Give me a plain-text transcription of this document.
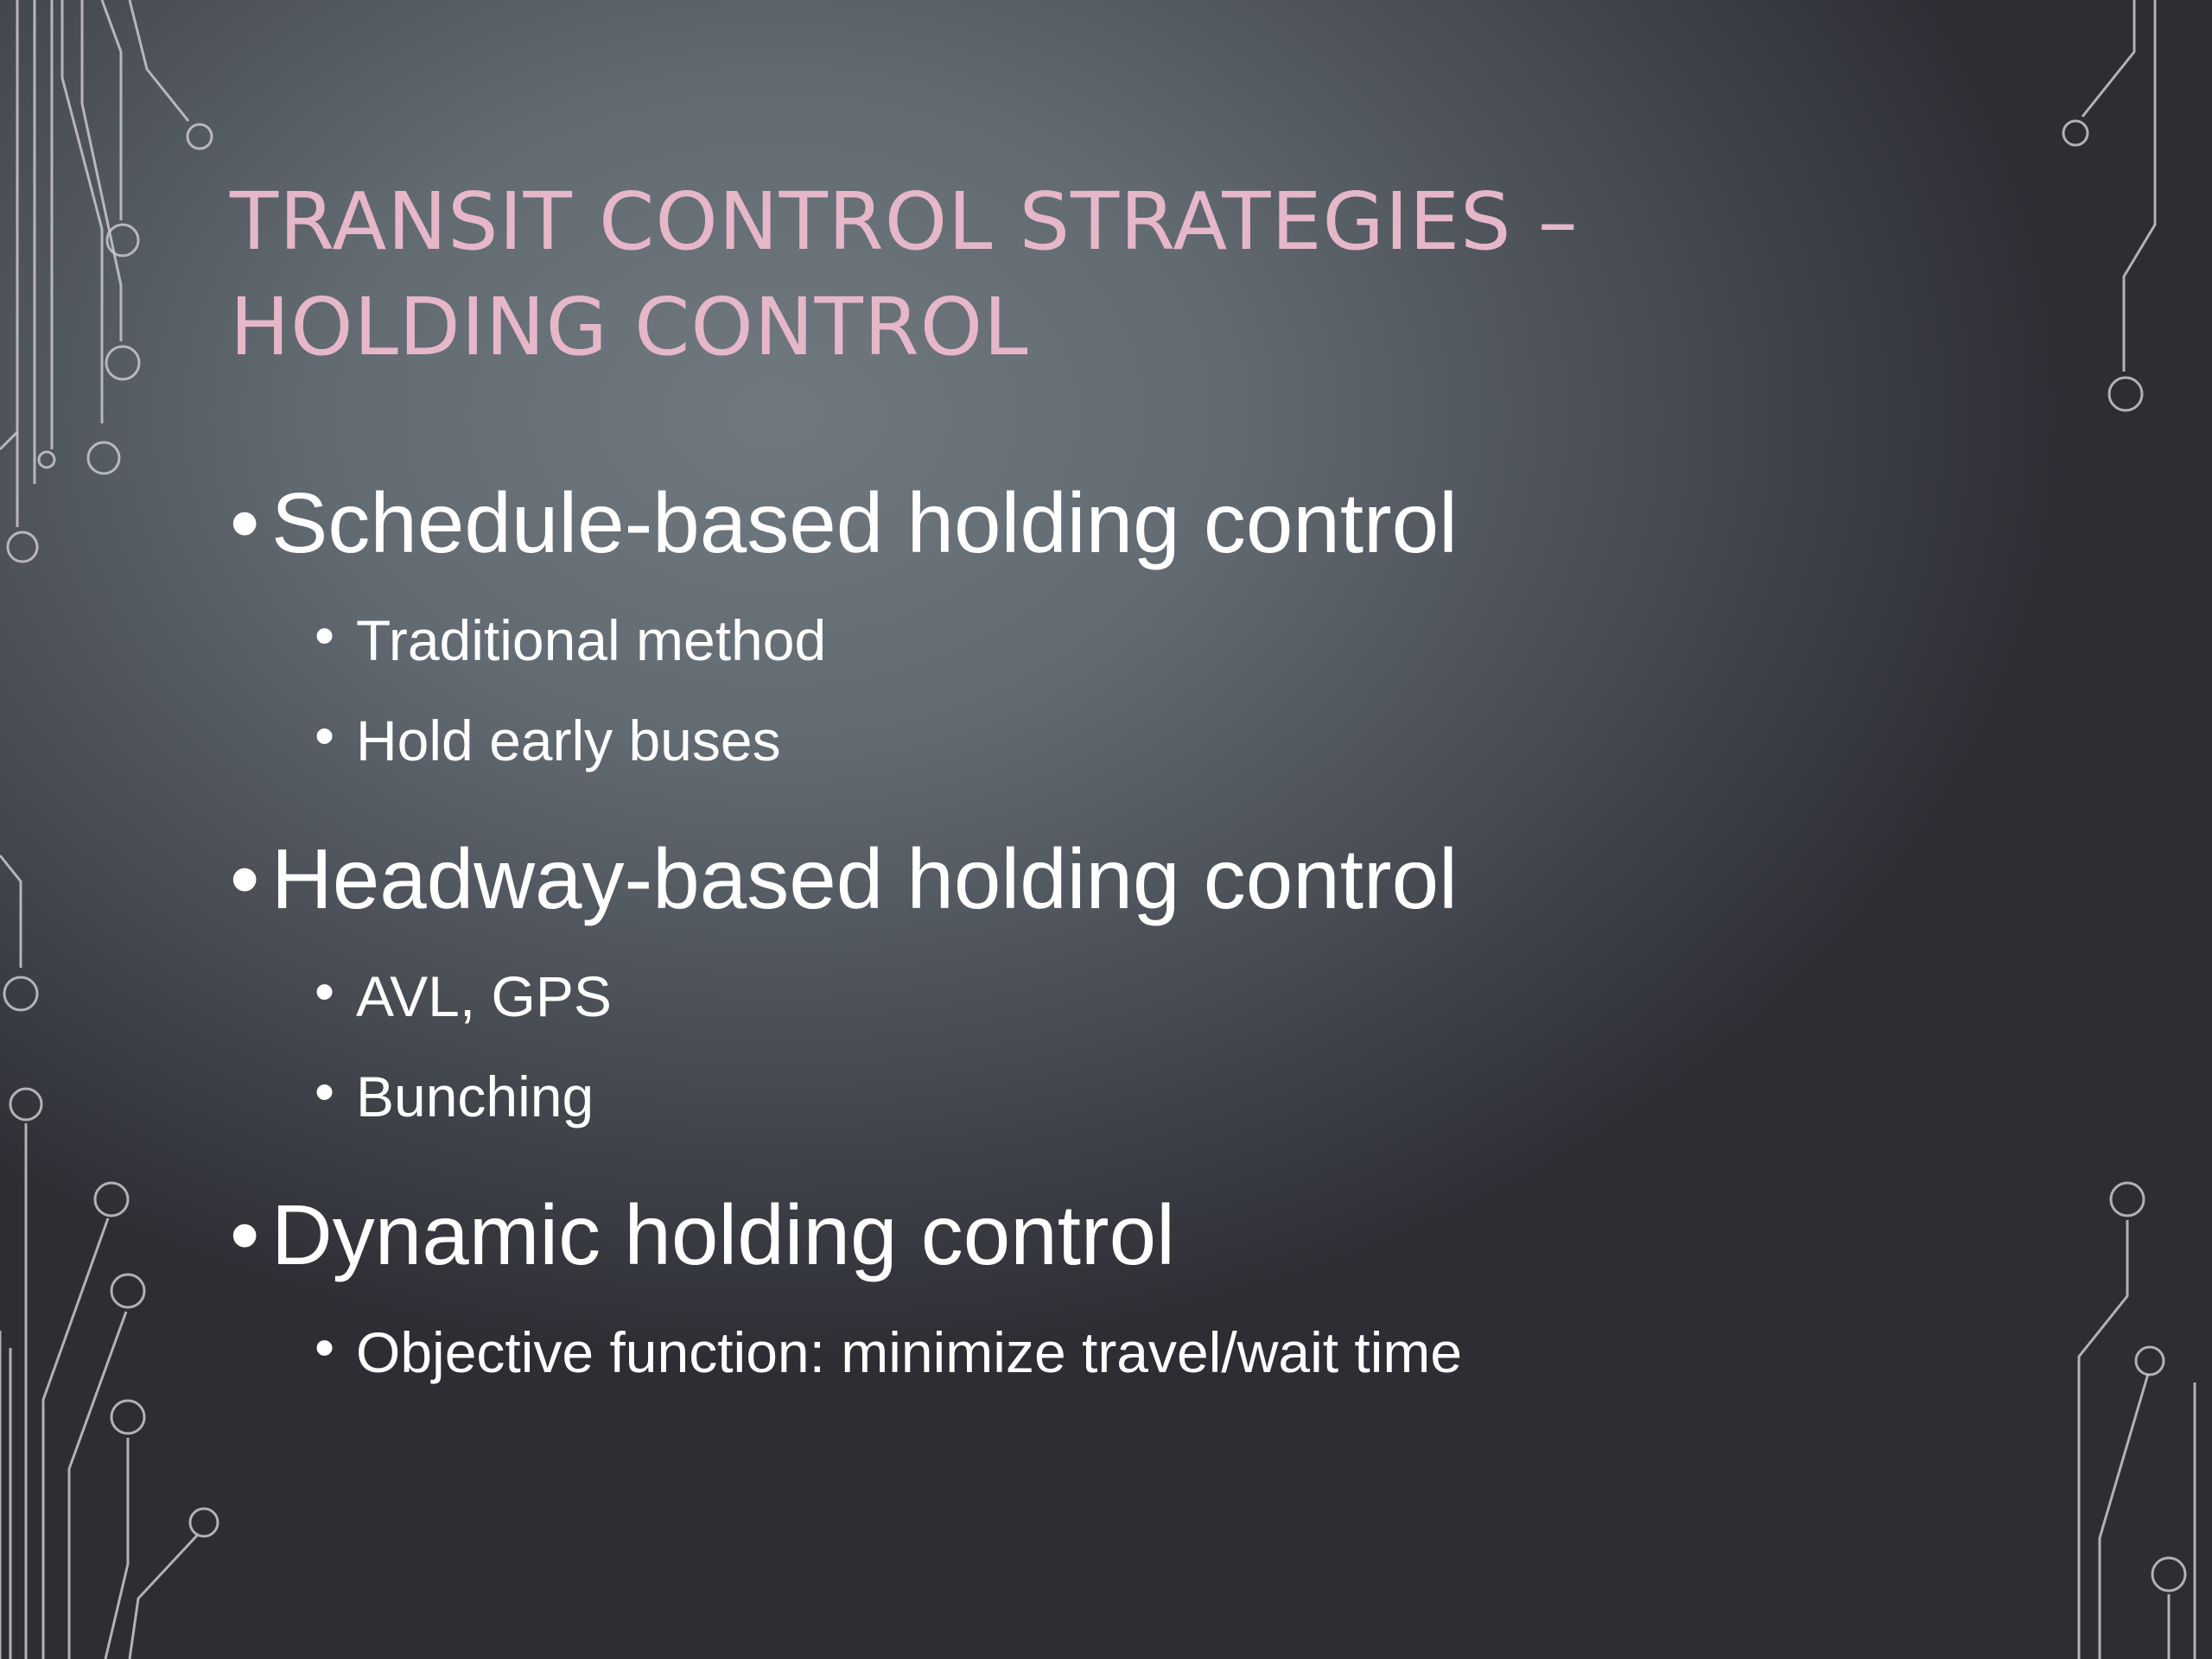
TRANSIT CONTROL STRATEGIES –
HOLDING CONTROL
• Schedule-based holding control
• Traditional method
• Hold early buses
• Headway-based holding control
• AVL, GPS
• Bunching
• Dynamic holding control
• Objective function: minimize travel/wait time
